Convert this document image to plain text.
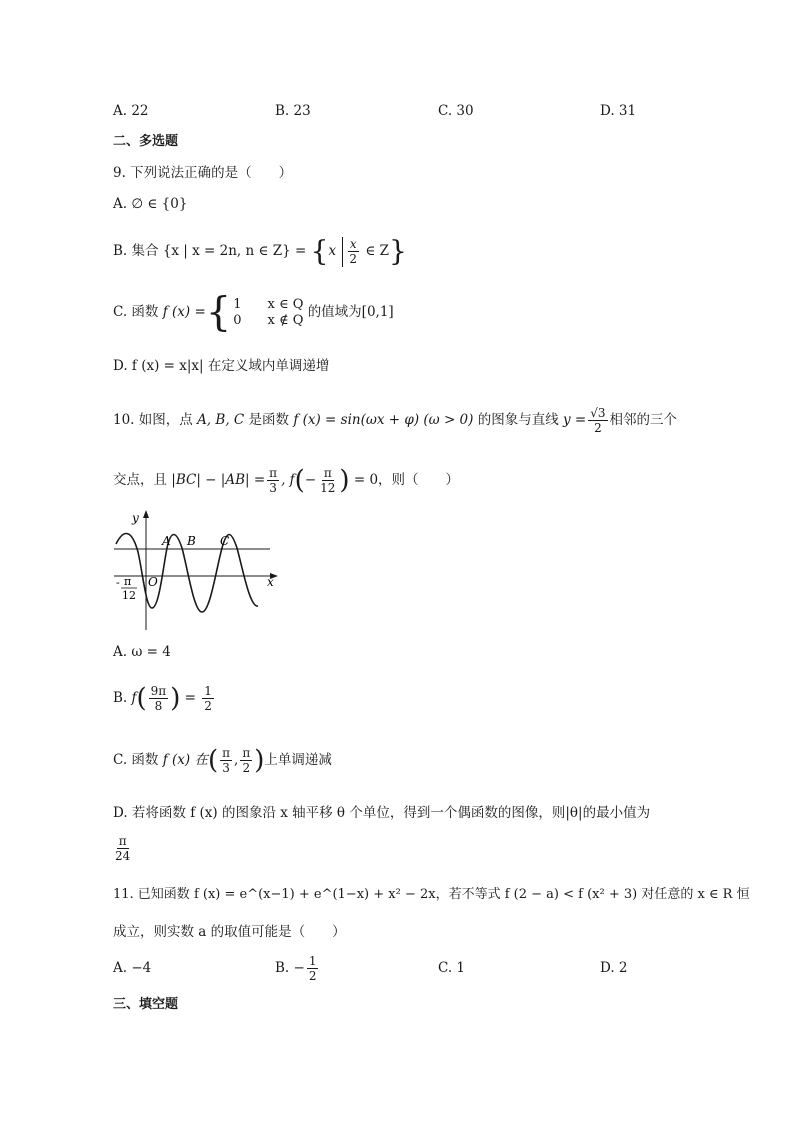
A. 22	B. 23	C. 30	D. 31
二、多选题
9. 下列说法正确的是（　　）
A. ∅ ∈ {0}
B. 集合 {x | x = 2n, n ∈ $Z\} = \{x \frac{x}{2}$ ∈ Z}
C. 函数 f (x) ={ 1　　x ∈ Q
0　　x ∉ Q 的值域为[0,1]
D. f (x) = x|x| 在定义域内单调递增
10. 如图，点 A, B, C 是函数 f (x) = sin(ωx + φ) (ω > 0) 的图象与直线 $y = \frac{√3}{2}$ 相邻的三个
交点，且 $|BC| - |AB| = \frac{\pi}{3}$ , $f(- \frac{\pi}{12}$ ) = 0，则（　　）
y
x
O
A B C
- π
12
A. ω = 4
B. $f( \frac{9\pi}{8}$ ) = $\frac{1}{2}$
C. 函数 f (x) 在( $\frac{\pi}{3}$ , $\frac{\pi}{2}$ )上单调递减
D. 若将函数 f (x) 的图象沿 x 轴平移 θ 个单位，得到一个偶函数的图像，则|θ|的最小值为
$\frac{\pi}{24}$
11. 已知函数 f (x) = e^(x−1) + e^(1−x) + x² − 2x，若不等式 f (2 − a) < f (x² + 3) 对任意的 x ∈ R 恒
成立，则实数 a 的取值可能是（　　）
A. −4	B. − $\frac{1}{2}$	C. 1	D. 2
三、填空题
